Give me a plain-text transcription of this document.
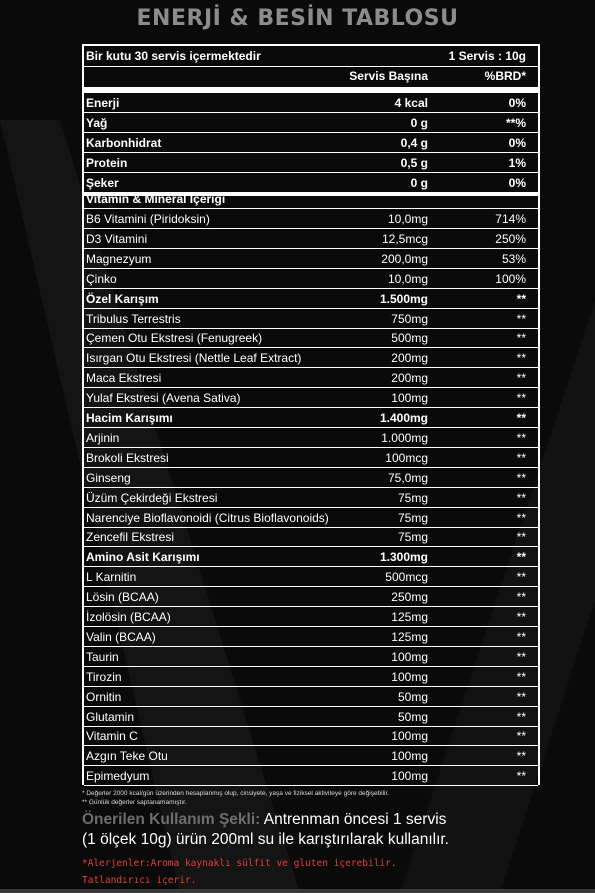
ENERJİ & BESİN TABLOSU
Bir kutu 30 servis içermektedir	1 Servis : 10g
Servis Başına	%BRD*
Enerji	4 kcal	0%
Yağ	0 g	**%
Karbonhidrat	0,4 g	0%
Protein	0,5 g	1%
Şeker	0 g	0%
Vitamin & Mineral İçeriği
B6 Vitamini (Piridoksin)	10,0mg	714%
D3 Vitamini	12,5mcg	250%
Magnezyum	200,0mg	53%
Çinko	10,0mg	100%
Özel Karışım	1.500mg	**
Tribulus Terrestris	750mg	**
Çemen Otu Ekstresi (Fenugreek)	500mg	**
Isırgan Otu Ekstresi (Nettle Leaf Extract)	200mg	**
Maca Ekstresi	200mg	**
Yulaf Ekstresi (Avena Sativa)	100mg	**
Hacim Karışımı	1.400mg	**
Arjinin	1.000mg	**
Brokoli Ekstresi	100mcg	**
Ginseng	75,0mg	**
Üzüm Çekirdeği Ekstresi	75mg	**
Narenciye Bioflavonoidi (Citrus Bioflavonoids)	75mg	**
Zencefil Ekstresi	75mg	**
Amino Asit Karışımı	1.300mg	**
L Karnitin	500mcg	**
Lösin (BCAA)	250mg	**
İzolösin (BCAA)	125mg	**
Valin (BCAA)	125mg	**
Taurin	100mg	**
Tirozin	100mg	**
Ornitin	50mg	**
Glutamin	50mg	**
Vitamin C	100mg	**
Azgın Teke Otu	100mg	**
Epimedyum	100mg	**
* Değerler 2000 kcal/gün üzerinden hesaplanmış olup, cinsiyete, yaşa ve fiziksel aktiviteye göre değişebilir.
** Günlük değerler saptanamamıştır.
Önerilen Kullanım Şekli: Antrenman öncesi 1 servis
(1 ölçek 10g) ürün 200ml su ile karıştırılarak kullanılır.
*Alerjenler:Aroma kaynaklı sülfit ve gluten içerebilir.
Tatlandırıcı içerir.
